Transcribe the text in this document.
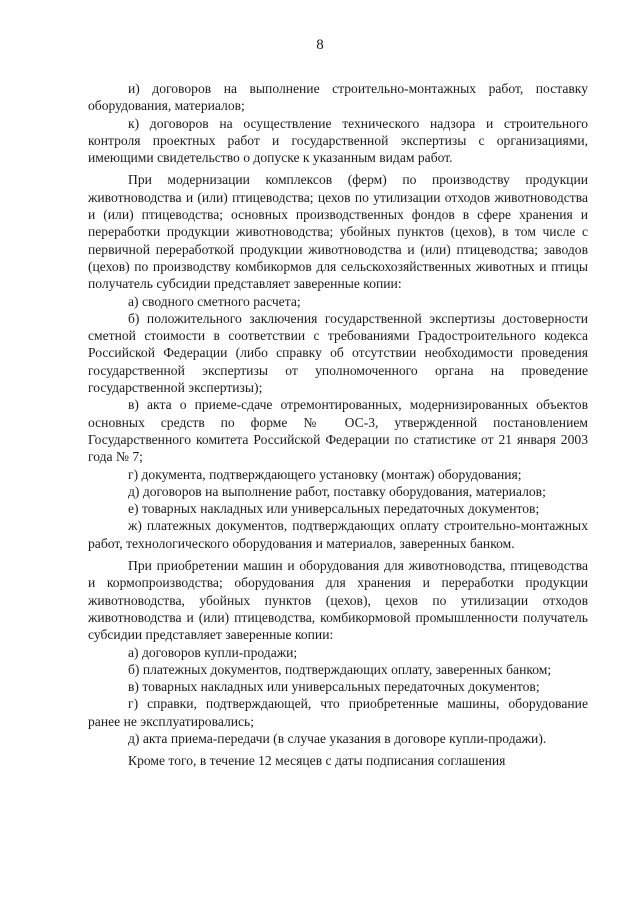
8

и) договоров на выполнение строительно-монтажных работ, поставку оборудования, материалов;

к) договоров на осуществление технического надзора и строительного контроля проектных работ и государственной экспертизы с организациями, имеющими свидетельство о допуске к указанным видам работ.

При модернизации комплексов (ферм) по производству продукции животноводства и (или) птицеводства; цехов по утилизации отходов животноводства и (или) птицеводства; основных производственных фондов в сфере хранения и переработки продукции животноводства; убойных пунктов (цехов), в том числе с первичной переработкой продукции животноводства и (или) птицеводства; заводов (цехов) по производству комбикормов для сельскохозяйственных животных и птицы получатель субсидии представляет заверенные копии:

а) сводного сметного расчета;

б) положительного заключения государственной экспертизы достоверности сметной стоимости в соответствии с требованиями Градостроительного кодекса Российской Федерации (либо справку об отсутствии необходимости проведения государственной экспертизы от уполномоченного органа на проведение государственной экспертизы);

в) акта о приеме-сдаче отремонтированных, модернизированных объектов основных средств по форме № ОС-3, утвержденной постановлением Государственного комитета Российской Федерации по статистике от 21 января 2003 года № 7;

г) документа, подтверждающего установку (монтаж) оборудования;

д) договоров на выполнение работ, поставку оборудования, материалов;

е) товарных накладных или универсальных передаточных документов;

ж) платежных документов, подтверждающих оплату строительно-монтажных работ, технологического оборудования и материалов, заверенных банком.

При приобретении машин и оборудования для животноводства, птицеводства и кормопроизводства; оборудования для хранения и переработки продукции животноводства, убойных пунктов (цехов), цехов по утилизации отходов животноводства и (или) птицеводства, комбикормовой промышленности получатель субсидии представляет заверенные копии:

а) договоров купли-продажи;

б) платежных документов, подтверждающих оплату, заверенных банком;

в) товарных накладных или универсальных передаточных документов;

г) справки, подтверждающей, что приобретенные машины, оборудование ранее не эксплуатировались;

д) акта приема-передачи (в случае указания в договоре купли-продажи).

Кроме того, в течение 12 месяцев с даты подписания соглашения
